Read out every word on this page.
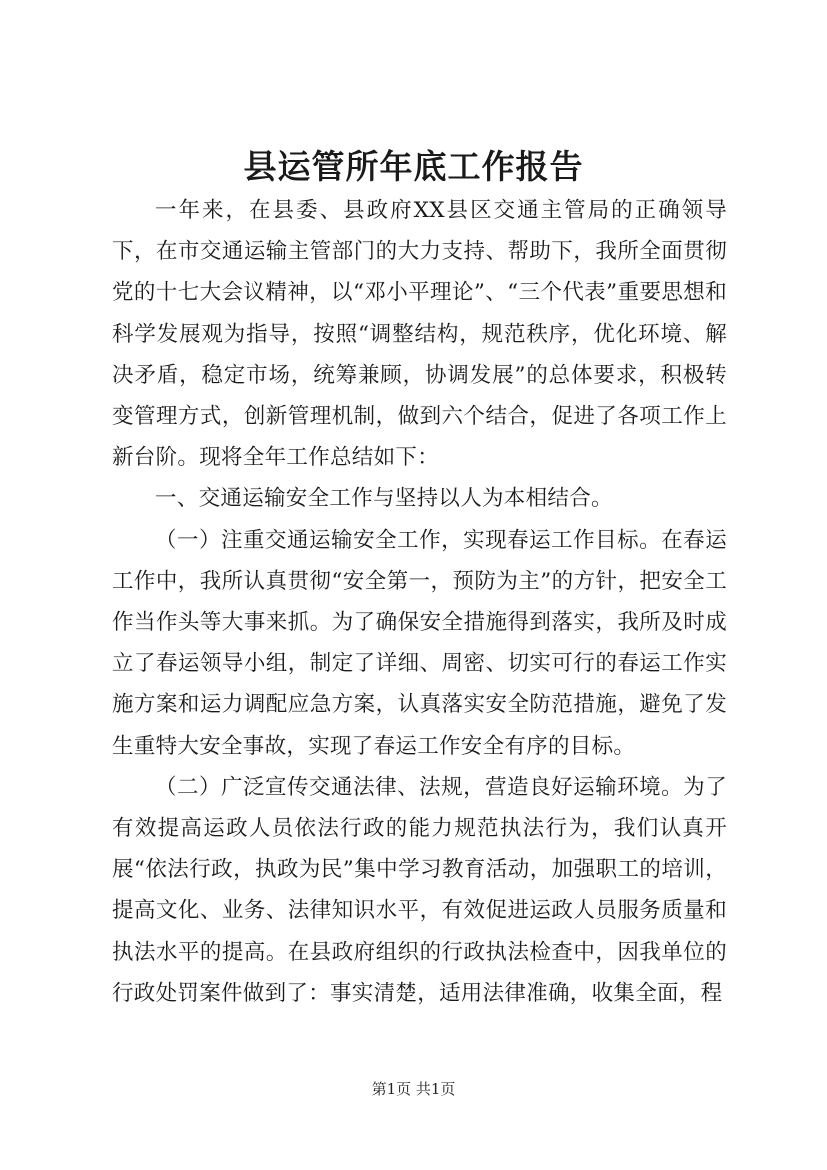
县运管所年底工作报告

一年来，在县委、县政府XX县区交通主管局的正确领导下，在市交通运输主管部门的大力支持、帮助下，我所全面贯彻党的十七大会议精神，以“邓小平理论”、“三个代表”重要思想和科学发展观为指导，按照“调整结构，规范秩序，优化环境、解决矛盾，稳定市场，统筹兼顾，协调发展”的总体要求，积极转变管理方式，创新管理机制，做到六个结合，促进了各项工作上新台阶。现将全年工作总结如下：

一、交通运输安全工作与坚持以人为本相结合。

（一）注重交通运输安全工作，实现春运工作目标。在春运工作中，我所认真贯彻“安全第一，预防为主”的方针，把安全工作当作头等大事来抓。为了确保安全措施得到落实，我所及时成立了春运领导小组，制定了详细、周密、切实可行的春运工作实施方案和运力调配应急方案，认真落实安全防范措施，避免了发生重特大安全事故，实现了春运工作安全有序的目标。

（二）广泛宣传交通法律、法规，营造良好运输环境。为了有效提高运政人员依法行政的能力规范执法行为，我们认真开展“依法行政，执政为民”集中学习教育活动，加强职工的培训，提高文化、业务、法律知识水平，有效促进运政人员服务质量和执法水平的提高。在县政府组织的行政执法检查中，因我单位的行政处罚案件做到了：事实清楚，适用法律准确，收集全面，程

第1页 共1页
